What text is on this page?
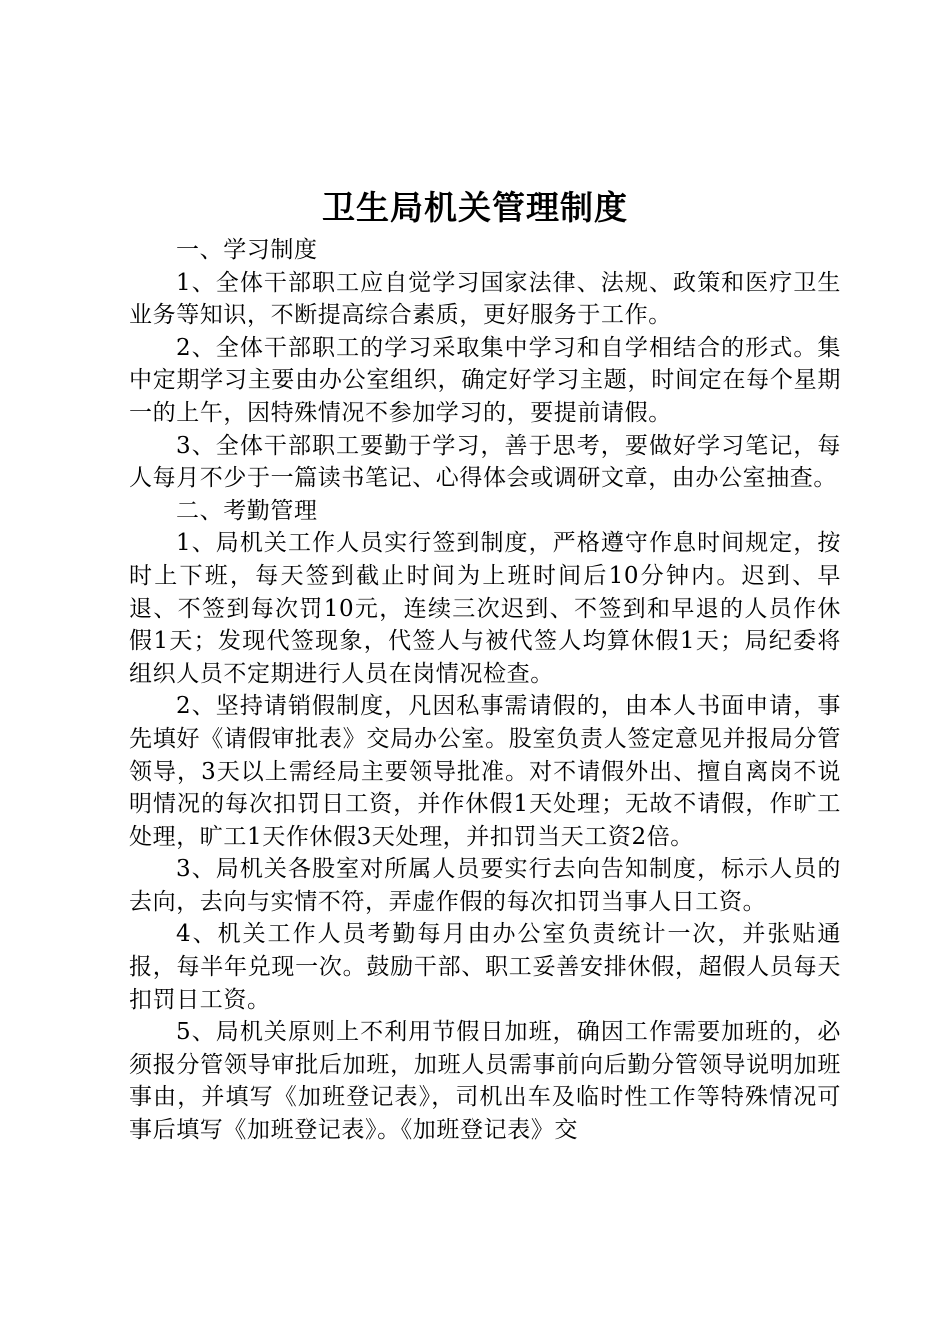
卫生局机关管理制度

一、学习制度

1、全体干部职工应自觉学习国家法律、法规、政策和医疗卫生业务等知识，不断提高综合素质，更好服务于工作。

2、全体干部职工的学习采取集中学习和自学相结合的形式。集中定期学习主要由办公室组织，确定好学习主题，时间定在每个星期一的上午，因特殊情况不参加学习的，要提前请假。

3、全体干部职工要勤于学习，善于思考，要做好学习笔记，每人每月不少于一篇读书笔记、心得体会或调研文章，由办公室抽查。

二、考勤管理

1、局机关工作人员实行签到制度，严格遵守作息时间规定，按时上下班，每天签到截止时间为上班时间后10分钟内。迟到、早退、不签到每次罚10元，连续三次迟到、不签到和早退的人员作休假1天；发现代签现象，代签人与被代签人均算休假1天；局纪委将组织人员不定期进行人员在岗情况检查。

2、坚持请销假制度，凡因私事需请假的，由本人书面申请，事先填好《请假审批表》交局办公室。股室负责人签定意见并报局分管领导，3天以上需经局主要领导批准。对不请假外出、擅自离岗不说明情况的每次扣罚日工资，并作休假1天处理；无故不请假，作旷工处理，旷工1天作休假3天处理，并扣罚当天工资2倍。

3、局机关各股室对所属人员要实行去向告知制度，标示人员的去向，去向与实情不符，弄虚作假的每次扣罚当事人日工资。

4、机关工作人员考勤每月由办公室负责统计一次，并张贴通报，每半年兑现一次。鼓励干部、职工妥善安排休假，超假人员每天扣罚日工资。

5、局机关原则上不利用节假日加班，确因工作需要加班的，必须报分管领导审批后加班，加班人员需事前向后勤分管领导说明加班事由，并填写《加班登记表》，司机出车及临时性工作等特殊情况可事后填写《加班登记表》。《加班登记表》交
